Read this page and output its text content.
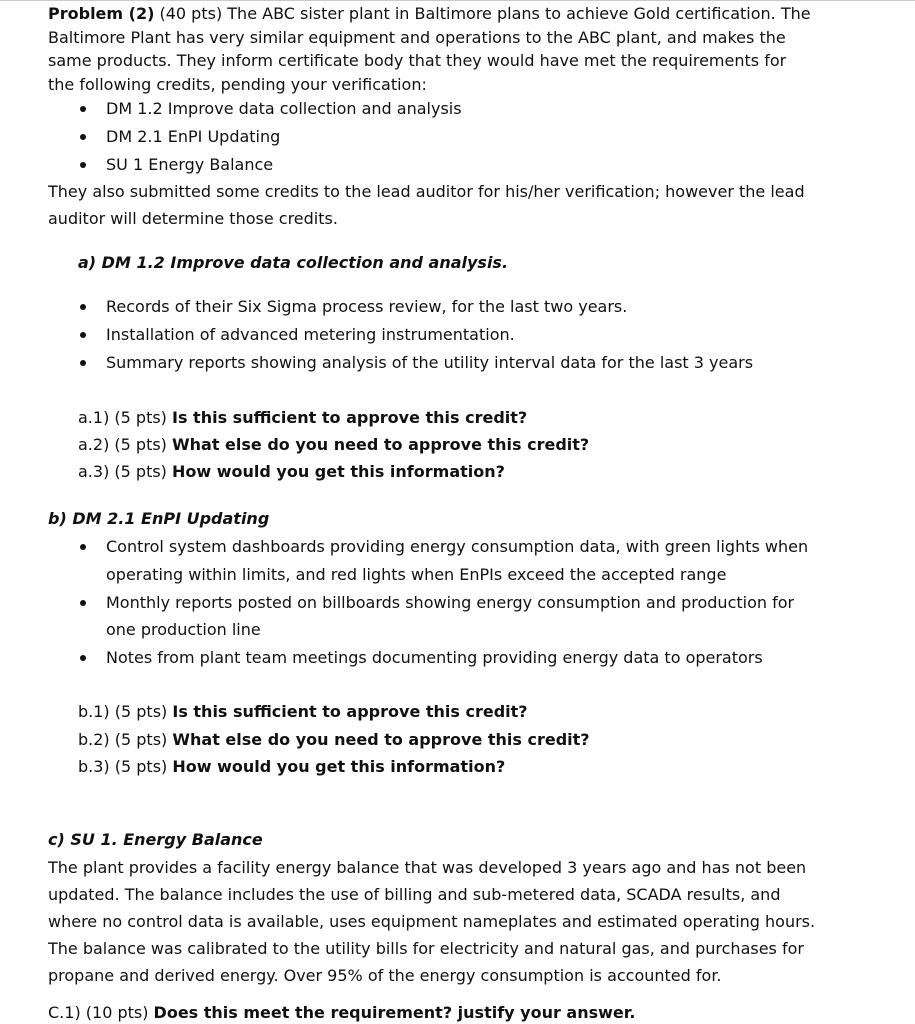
Problem (2) (40 pts) The ABC sister plant in Baltimore plans to achieve Gold certification. The
Baltimore Plant has very similar equipment and operations to the ABC plant, and makes the
same products. They inform certificate body that they would have met the requirements for
the following credits, pending your verification:
DM 1.2 Improve data collection and analysis
DM 2.1 EnPI Updating
SU 1 Energy Balance
They also submitted some credits to the lead auditor for his/her verification; however the lead
auditor will determine those credits.
a) DM 1.2 Improve data collection and analysis.
Records of their Six Sigma process review, for the last two years.
Installation of advanced metering instrumentation.
Summary reports showing analysis of the utility interval data for the last 3 years
a.1) (5 pts) Is this sufficient to approve this credit?
a.2) (5 pts) What else do you need to approve this credit?
a.3) (5 pts) How would you get this information?
b) DM 2.1 EnPI Updating
Control system dashboards providing energy consumption data, with green lights when
operating within limits, and red lights when EnPIs exceed the accepted range
Monthly reports posted on billboards showing energy consumption and production for
one production line
Notes from plant team meetings documenting providing energy data to operators
b.1) (5 pts) Is this sufficient to approve this credit?
b.2) (5 pts) What else do you need to approve this credit?
b.3) (5 pts) How would you get this information?
c) SU 1. Energy Balance
The plant provides a facility energy balance that was developed 3 years ago and has not been
updated. The balance includes the use of billing and sub-metered data, SCADA results, and
where no control data is available, uses equipment nameplates and estimated operating hours.
The balance was calibrated to the utility bills for electricity and natural gas, and purchases for
propane and derived energy. Over 95% of the energy consumption is accounted for.
C.1) (10 pts) Does this meet the requirement? justify your answer.
